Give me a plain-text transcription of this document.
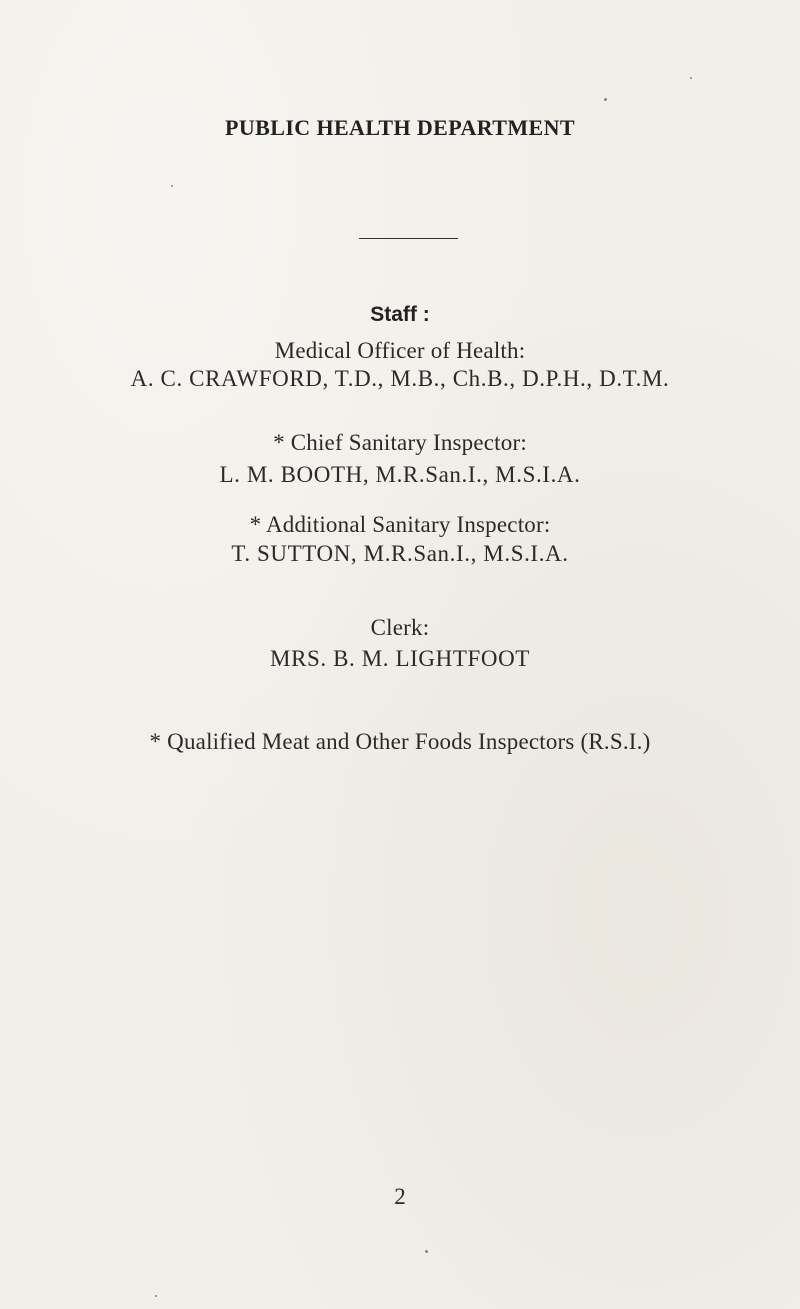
PUBLIC HEALTH DEPARTMENT
Staff :
Medical Officer of Health:
A. C. CRAWFORD, T.D., M.B., Ch.B., D.P.H., D.T.M.
* Chief Sanitary Inspector:
L. M. BOOTH, M.R.San.I., M.S.I.A.
* Additional Sanitary Inspector:
T. SUTTON, M.R.San.I., M.S.I.A.
Clerk:
MRS. B. M. LIGHTFOOT
* Qualified Meat and Other Foods Inspectors (R.S.I.)
2
